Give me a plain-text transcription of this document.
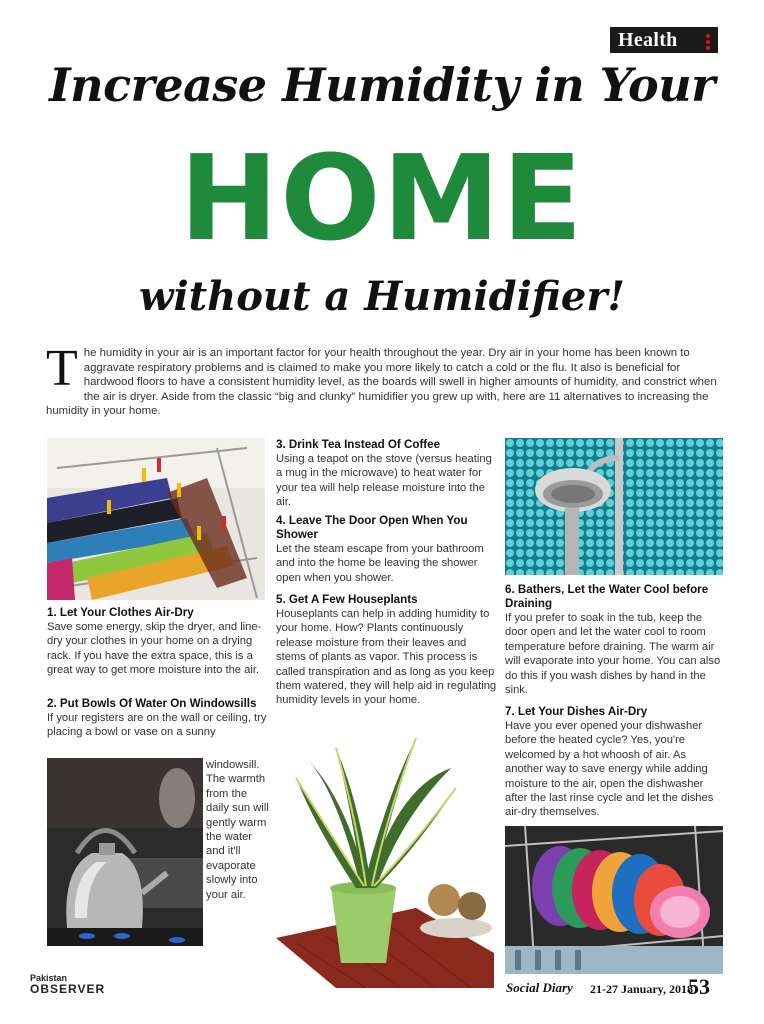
Health
Increase Humidity in Your
HOME
without a Humidifier!
T he humidity in your air is an important factor for your health throughout the year. Dry air in your home has been known to aggravate respiratory problems and is claimed to make you more likely to catch a cold or the flu. It also is beneficial for hardwood floors to have a consistent humidity level, as the boards will swell in higher amounts of humidity, and constrict when the air is dryer. Aside from the classic “big and clunky” humidifier you grew up with, here are 11 alternatives to increasing the humidity in your home.
1. Let Your Clothes Air-Dry

Save some energy, skip the dryer, and line-dry your clothes in your home on a drying rack. If you have the extra space, this is a great way to get more moisture into the air.

2. Put Bowls Of Water On Windowsills

If your registers are on the wall or ceiling, try placing a bowl or vase on a sunny

windowsill. The warmth from the daily sun will gently warm the water and it'll evaporate slowly into your air.

3. Drink Tea Instead Of Coffee

Using a teapot on the stove (versus heating a mug in the microwave) to heat water for your tea will help release moisture into the air.

4. Leave The Door Open When You Shower

Let the steam escape from your bathroom and into the home be leaving the shower open when you shower.

5. Get A Few Houseplants

Houseplants can help in adding humidity to your home. How? Plants continuously release moisture from their leaves and stems of plants as vapor. This process is called transpiration and as long as you keep them watered, they will help aid in regulating humidity levels in your home.

6. Bathers, Let the Water Cool before Draining

If you prefer to soak in the tub, keep the door open and let the water cool to room temperature before draining. The warm air will evaporate into your home. You can also do this if you wash dishes by hand in the sink.

7. Let Your Dishes Air-Dry

Have you ever opened your dishwasher before the heated cycle? Yes, you're welcomed by a hot whoosh of air. As another way to save energy while adding moisture to the air, open the dishwasher after the last rinse cycle and let the dishes air-dry themselves.

Pakistan
OBSERVER	Social Diary 21-27 January, 2018
53
